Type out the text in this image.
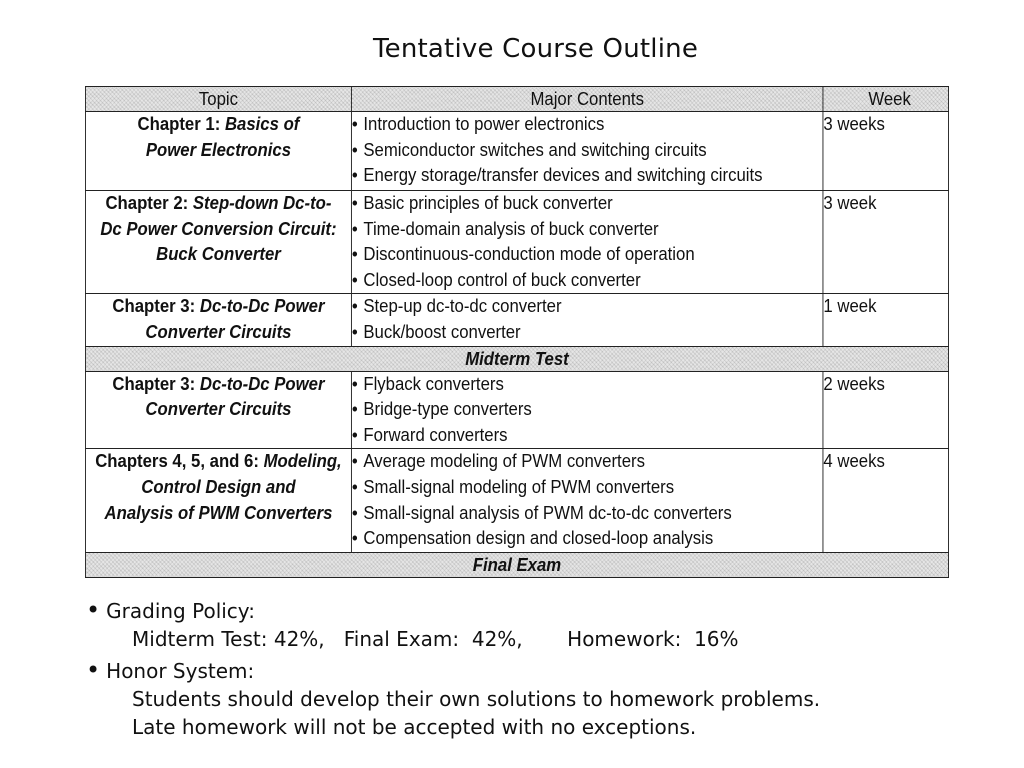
Tentative Course Outline
Topic	Major Contents	Week
Chapter 1: Basics of
Power Electronics	• Introduction to power electronics
• Semiconductor switches and switching circuits
• Energy storage/transfer devices and switching circuits	3 weeks
Chapter 2: Step-down Dc-to-
Dc Power Conversion Circuit:
Buck Converter	• Basic principles of buck converter
• Time-domain analysis of buck converter
• Discontinuous-conduction mode of operation
• Closed-loop control of buck converter	3 week
Chapter 3: Dc-to-Dc Power
Converter Circuits	• Step-up dc-to-dc converter
• Buck/boost converter	1 week
Midterm Test		
Chapter 3: Dc-to-Dc Power
Converter Circuits	• Flyback converters
• Bridge-type converters
• Forward converters	2 weeks
Chapters 4, 5, and 6: Modeling,
Control Design and
Analysis of PWM Converters	• Average modeling of PWM converters
• Small-signal modeling of PWM converters
• Small-signal analysis of PWM dc-to-dc converters
• Compensation design and closed-loop analysis	4 weeks
Final Exam		
• Grading Policy:
Midterm Test: 42%,   Final Exam:  42%,       Homework:  16%
• Honor System:
Students should develop their own solutions to homework problems.
Late homework will not be accepted with no exceptions.
